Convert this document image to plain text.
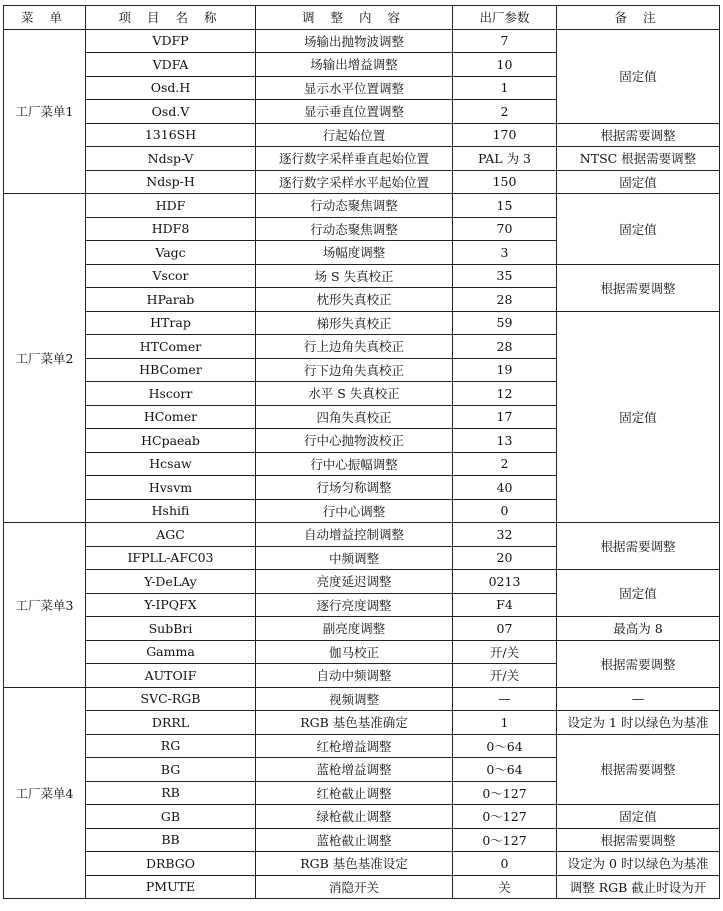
菜 单	项 目 名 称	调 整 内 容	出厂参数	备 注
工厂菜单1	VDFP	场输出抛物波调整	7	固定值
	VDFA	场输出增益调整	10	
	Osd.H	显示水平位置调整	1	
	Osd.V	显示垂直位置调整	2	
	1316SH	行起始位置	170	根据需要调整
	Ndsp-V	逐行数字采样垂直起始位置	PAL 为 3	NTSC 根据需要调整
	Ndsp-H	逐行数字采样水平起始位置	150	固定值
工厂菜单2	HDF	行动态聚焦调整	15	固定值
	HDF8	行动态聚焦调整	70	
	Vagc	场幅度调整	3	
	Vscor	场 S 失真校正	35	根据需要调整
	HParab	枕形失真校正	28	
	HTrap	梯形失真校正	59	固定值
	HTComer	行上边角失真校正	28	
	HBComer	行下边角失真校正	19	
	Hscorr	水平 S 失真校正	12	
	HComer	四角失真校正	17	
	HCpaeab	行中心抛物波校正	13	
	Hcsaw	行中心振幅调整	2	
	Hvsvm	行场匀称调整	40	
	Hshifi	行中心调整	0	
工厂菜单3	AGC	自动增益控制调整	32	根据需要调整
	IFPLL-AFC03	中频调整	20	
	Y-DeLAy	亮度延迟调整	0213	固定值
	Y-IPQFX	逐行亮度调整	F4	
	SubBri	副亮度调整	07	最高为 8
	Gamma	伽马校正	开/关	根据需要调整
	AUTOIF	自动中频调整	开/关	
工厂菜单4	SVC-RGB	视频调整	—	—
	DRRL	RGB 基色基准确定	1	设定为 1 时以绿色为基准
	RG	红枪增益调整	0～64	根据需要调整
	BG	蓝枪增益调整	0～64	
	RB	红枪截止调整	0～127	
	GB	绿枪截止调整	0～127	固定值
	BB	蓝枪截止调整	0～127	根据需要调整
	DRBGO	RGB 基色基准设定	0	设定为 0 时以绿色为基准
	PMUTE	消隐开关	关	调整 RGB 截止时设为开
